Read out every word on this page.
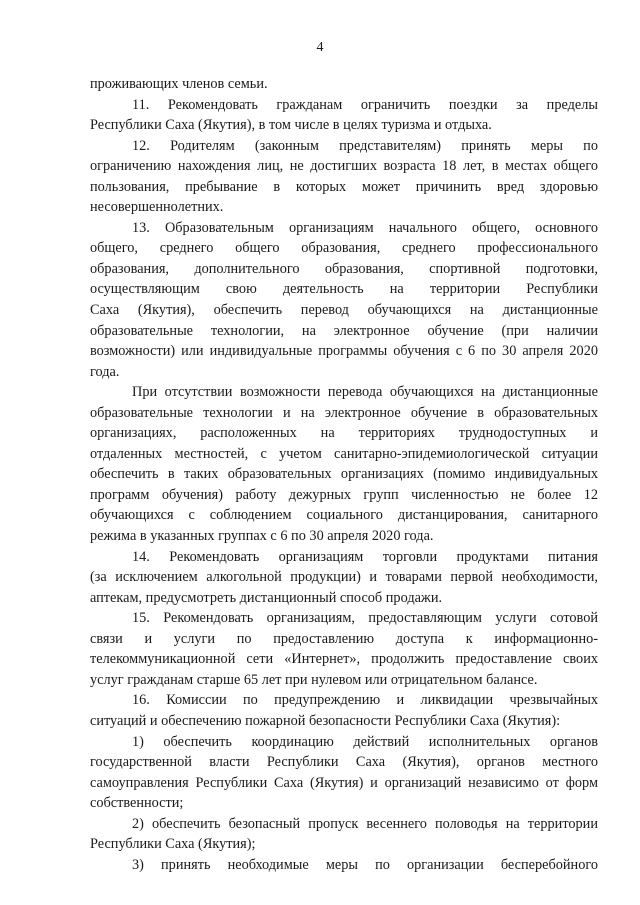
4
проживающих членов семьи.
11. Рекомендовать гражданам ограничить поездки за пределы
Республики Саха (Якутия), в том числе в целях туризма и отдыха.
12. Родителям (законным представителям) принять меры по
ограничению нахождения лиц, не достигших возраста 18 лет, в местах общего
пользования, пребывание в которых может причинить вред здоровью
несовершеннолетних.
13. Образовательным организациям начального общего, основного
общего, среднего общего образования, среднего профессионального
образования, дополнительного образования, спортивной подготовки,
осуществляющим свою деятельность на территории Республики
Саха (Якутия), обеспечить перевод обучающихся на дистанционные
образовательные технологии, на электронное обучение (при наличии
возможности) или индивидуальные программы обучения с 6 по 30 апреля 2020
года.
При отсутствии возможности перевода обучающихся на дистанционные
образовательные технологии и на электронное обучение в образовательных
организациях, расположенных на территориях труднодоступных и
отдаленных местностей, с учетом санитарно-эпидемиологической ситуации
обеспечить в таких образовательных организациях (помимо индивидуальных
программ обучения) работу дежурных групп численностью не более 12
обучающихся с соблюдением социального дистанцирования, санитарного
режима в указанных группах с 6 по 30 апреля 2020 года.
14. Рекомендовать организациям торговли продуктами питания
(за исключением алкогольной продукции) и товарами первой необходимости,
аптекам, предусмотреть дистанционный способ продажи.
15. Рекомендовать организациям, предоставляющим услуги сотовой
связи и услуги по предоставлению доступа к информационно-
телекоммуникационной сети «Интернет», продолжить предоставление своих
услуг гражданам старше 65 лет при нулевом или отрицательном балансе.
16. Комиссии по предупреждению и ликвидации чрезвычайных
ситуаций и обеспечению пожарной безопасности Республики Саха (Якутия):
1) обеспечить координацию действий исполнительных органов
государственной власти Республики Саха (Якутия), органов местного
самоуправления Республики Саха (Якутия) и организаций независимо от форм
собственности;
2) обеспечить безопасный пропуск весеннего половодья на территории
Республики Саха (Якутия);
3) принять необходимые меры по организации бесперебойного
